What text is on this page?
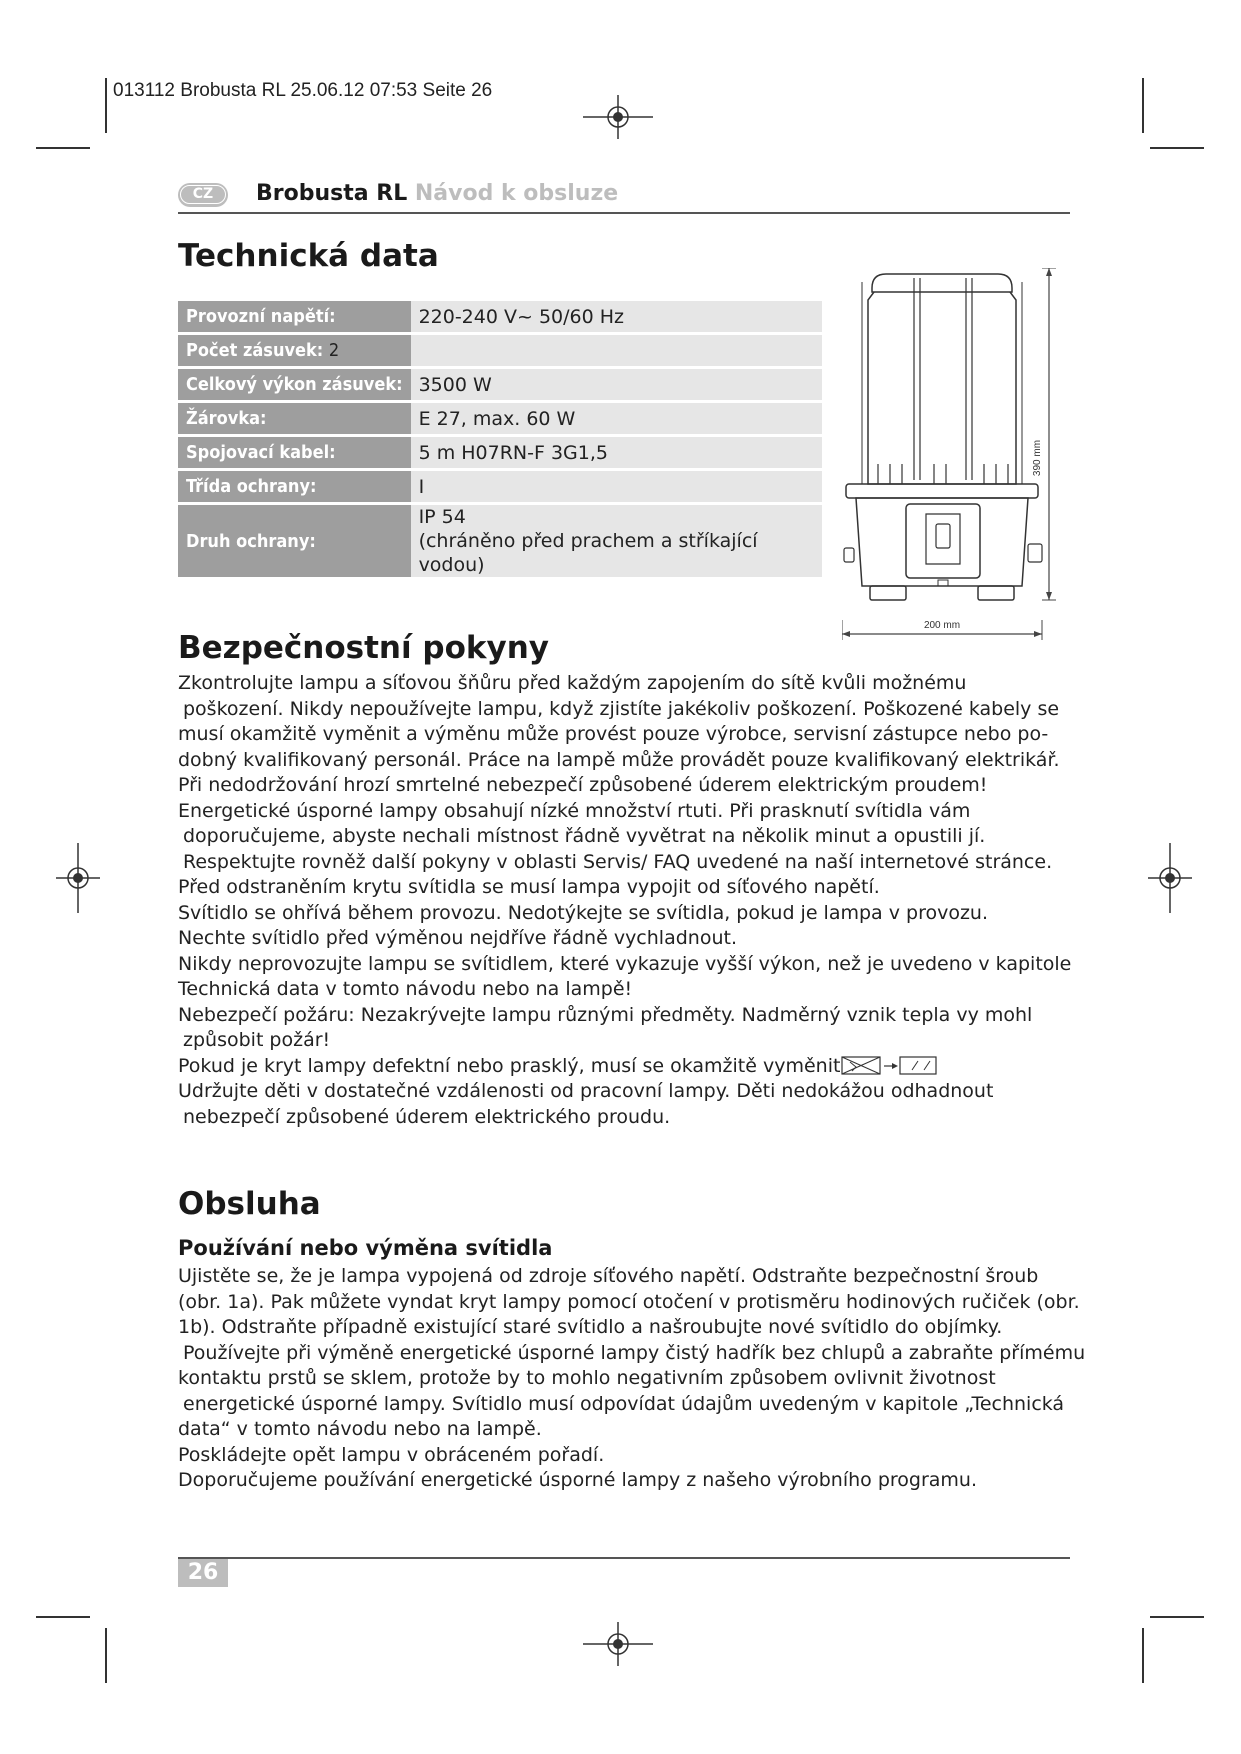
013112 Brobusta RL 25.06.12 07:53 Seite 26
CZ	Brobusta RL Návod k obsluze
Technická data
Provozní napětí:	220-240 V~ 50/60 Hz
Počet zásuvek: 2	
Celkový výkon zásuvek:	3500 W
Žárovka:	E 27, max. 60 W
Spojovací kabel:	5 m H07RN-F 3G1,5
Třída ochrany:	I
Druh ochrany:	IP 54
(chráněno před prachem a stříkající vodou)
390 mm
200 mm
Bezpečnostní pokyny

Zkontrolujte lampu a síťovou šňůru před každým zapojením do sítě kvůli možnému

poškození. Nikdy nepoužívejte lampu, když zjistíte jakékoliv poškození. Poškozené kabely se

musí okamžitě vyměnit a výměnu může provést pouze výrobce, servisní zástupce nebo po-

dobný kvalifikovaný personál. Práce na lampě může provádět pouze kvalifikovaný elektrikář.

Při nedodržování hrozí smrtelné nebezpečí způsobené úderem elektrickým proudem!

Energetické úsporné lampy obsahují nízké množství rtuti. Při prasknutí svítidla vám

doporučujeme, abyste nechali místnost řádně vyvětrat na několik minut a opustili jí.

Respektujte rovněž další pokyny v oblasti Servis/ FAQ uvedené na naší internetové stránce.

Před odstraněním krytu svítidla se musí lampa vypojit od síťového napětí.

Svítidlo se ohřívá během provozu. Nedotýkejte se svítidla, pokud je lampa v provozu.

Nechte svítidlo před výměnou nejdříve řádně vychladnout.

Nikdy neprovozujte lampu se svítidlem, které vykazuje vyšší výkon, než je uvedeno v kapitole

Technická data v tomto návodu nebo na lampě!

Nebezpečí požáru: Nezakrývejte lampu různými předměty. Nadměrný vznik tepla vy mohl

způsobit požár!

Pokud je kryt lampy defektní nebo prasklý, musí se okamžitě vyměnit

Udržujte děti v dostatečné vzdálenosti od pracovní lampy. Děti nedokážou odhadnout

nebezpečí způsobené úderem elektrického proudu.

Obsluha
Používání nebo výměna svítidla

Ujistěte se, že je lampa vypojená od zdroje síťového napětí. Odstraňte bezpečnostní šroub

(obr. 1a). Pak můžete vyndat kryt lampy pomocí otočení v protisměru hodinových ručiček (obr.

1b). Odstraňte případně existující staré svítidlo a našroubujte nové svítidlo do objímky.

Používejte při výměně energetické úsporné lampy čistý hadřík bez chlupů a zabraňte přímému

kontaktu prstů se sklem, protože by to mohlo negativním způsobem ovlivnit životnost

energetické úsporné lampy. Svítidlo musí odpovídat údajům uvedeným v kapitole „Technická

data“ v tomto návodu nebo na lampě.

Poskládejte opět lampu v obráceném pořadí.

Doporučujeme používání energetické úsporné lampy z našeho výrobního programu.

26
